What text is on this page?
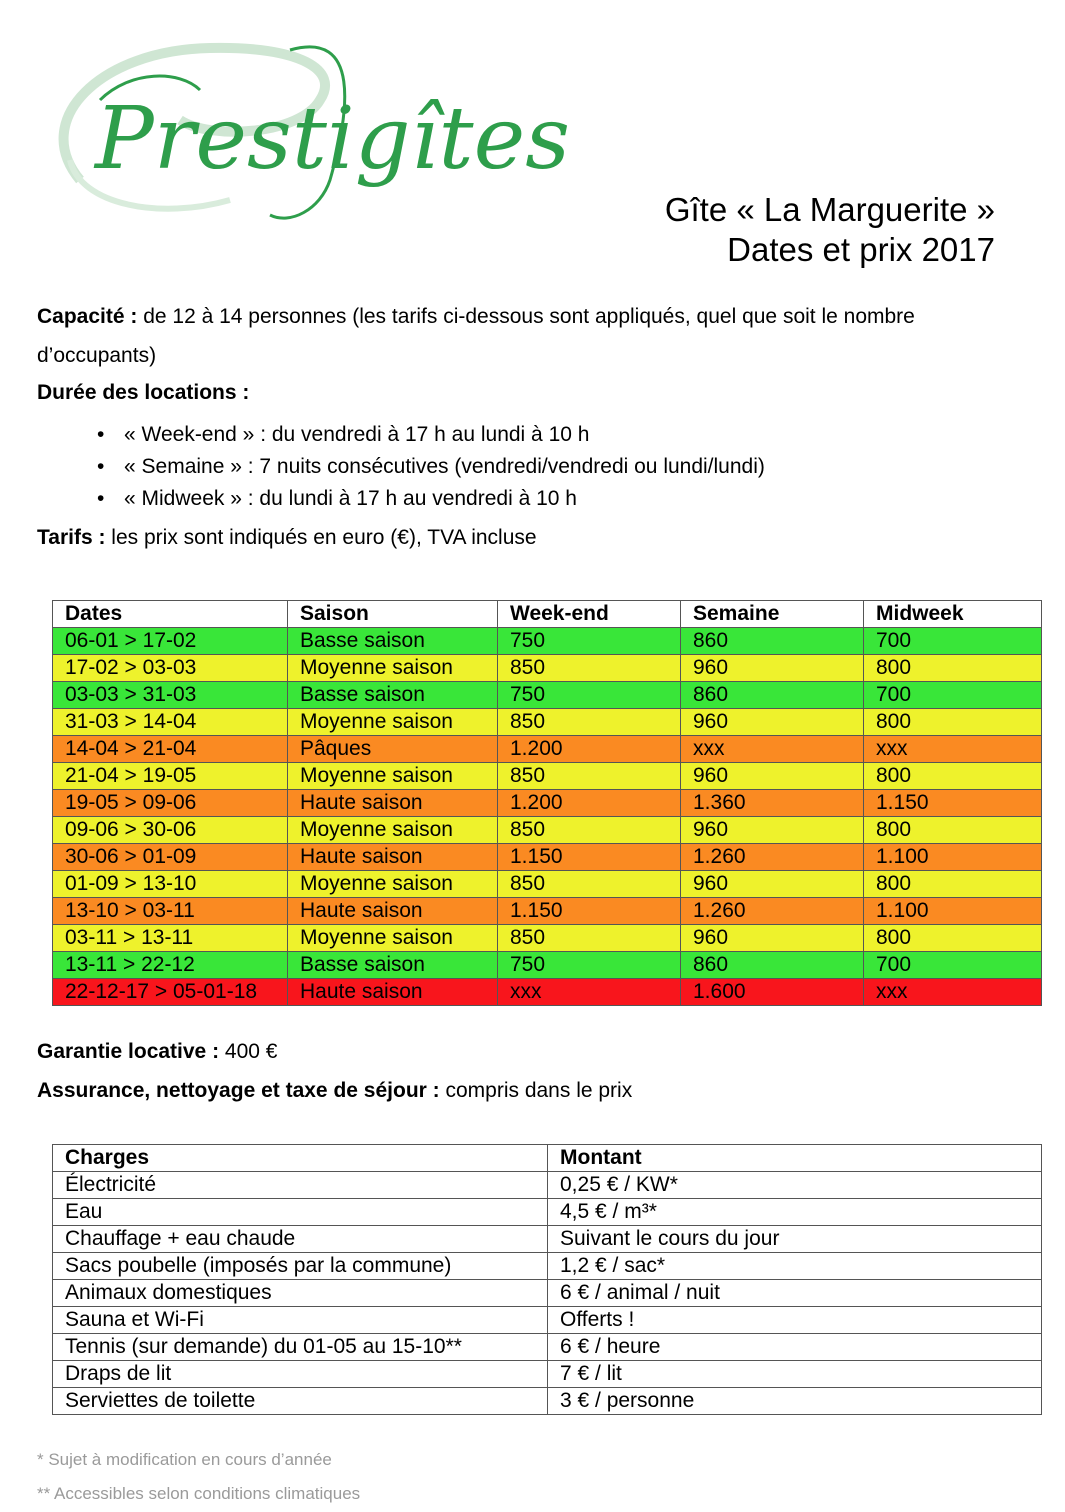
Prestigîtes
Gîte « La Marguerite »
Dates et prix 2017

Capacité : de 12 à 14 personnes (les tarifs ci-dessous sont appliqués, quel que soit le nombre d’occupants)

Durée des locations :
• « Week-end » : du vendredi à 17 h au lundi à 10 h
• « Semaine » : 7 nuits consécutives (vendredi/vendredi ou lundi/lundi)
• « Midweek » : du lundi à 17 h au vendredi à 10 h
Tarifs : les prix sont indiqués en euro (€), TVA incluse
Dates	Saison	Week-end	Semaine	Midweek
06-01 > 17-02	Basse saison	750	860	700
17-02 > 03-03	Moyenne saison	850	960	800
03-03 > 31-03	Basse saison	750	860	700
31-03 > 14-04	Moyenne saison	850	960	800
14-04 > 21-04	Pâques	1.200	xxx	xxx
21-04 > 19-05	Moyenne saison	850	960	800
19-05 > 09-06	Haute saison	1.200	1.360	1.150
09-06 > 30-06	Moyenne saison	850	960	800
30-06 > 01-09	Haute saison	1.150	1.260	1.100
01-09 > 13-10	Moyenne saison	850	960	800
13-10 > 03-11	Haute saison	1.150	1.260	1.100
03-11 > 13-11	Moyenne saison	850	960	800
13-11 > 22-12	Basse saison	750	860	700
22-12-17 > 05-01-18	Haute saison	xxx	1.600	xxx
Garantie locative : 400 €
Assurance, nettoyage et taxe de séjour : compris dans le prix
Charges	Montant
Électricité	0,25 € / KW*
Eau	4,5 € / m³*
Chauffage + eau chaude	Suivant le cours du jour
Sacs poubelle (imposés par la commune)	1,2 € / sac*
Animaux domestiques	6 € / animal / nuit
Sauna et Wi-Fi	Offerts !
Tennis (sur demande) du 01-05 au 15-10**	6 € / heure
Draps de lit	7 € / lit
Serviettes de toilette	3 € / personne
* Sujet à modification en cours d’année
** Accessibles selon conditions climatiques
